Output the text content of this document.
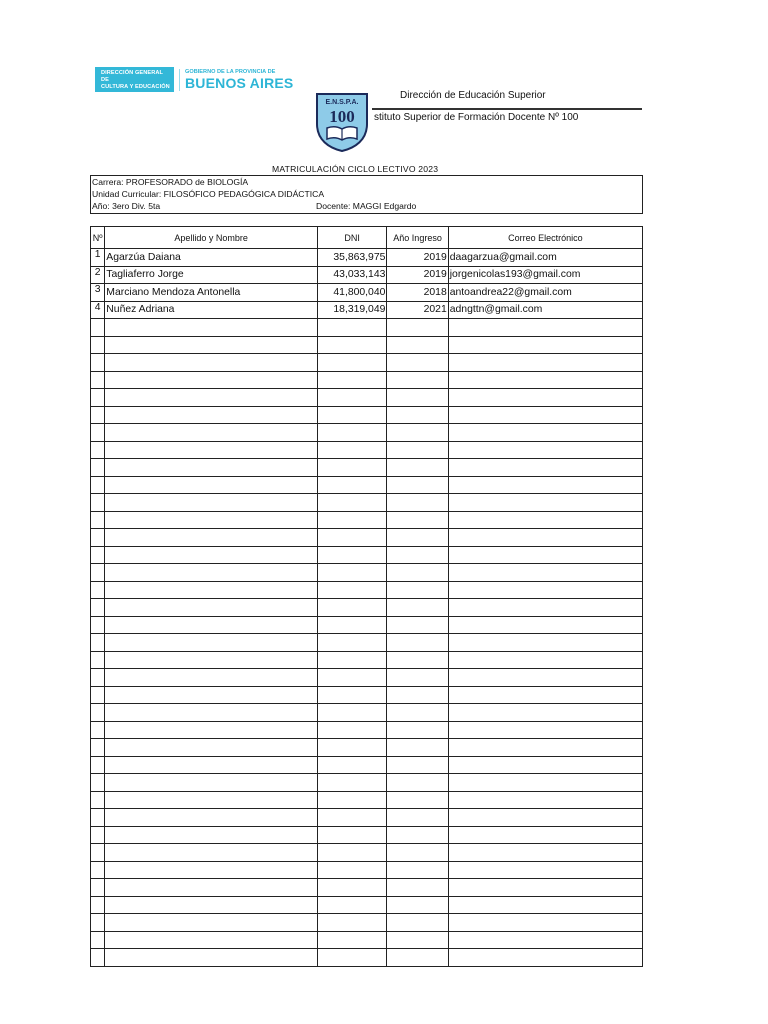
DIRECCIÓN GENERAL DE
CULTURA Y EDUCACIÓN
GOBIERNO DE LA PROVINCIA DE
BUENOS AIRES
E.N.S.P.A.
100
Dirección de Educación Superior
stituto Superior de Formación Docente Nº 100
MATRICULACIÓN CICLO LECTIVO 2023
Carrera: PROFESORADO de BIOLOGÍA
Unidad Curricular: FILOSÓFICO PEDAGÓGICA DIDÁCTICA
Año: 3ero Div. 5ta	Docente: MAGGI Edgardo
Nº	Apellido y Nombre	DNI	Año Ingreso	Correo Electrónico
1	Agarzúa Daiana	35,863,975	2019	daagarzua@gmail.com
2	Tagliaferro Jorge	43,033,143	2019	jorgenicolas193@gmail.com
3	Marciano Mendoza Antonella	41,800,040	2018	antoandrea22@gmail.com
4	Nuñez Adriana	18,319,049	2021	adngttn@gmail.com
